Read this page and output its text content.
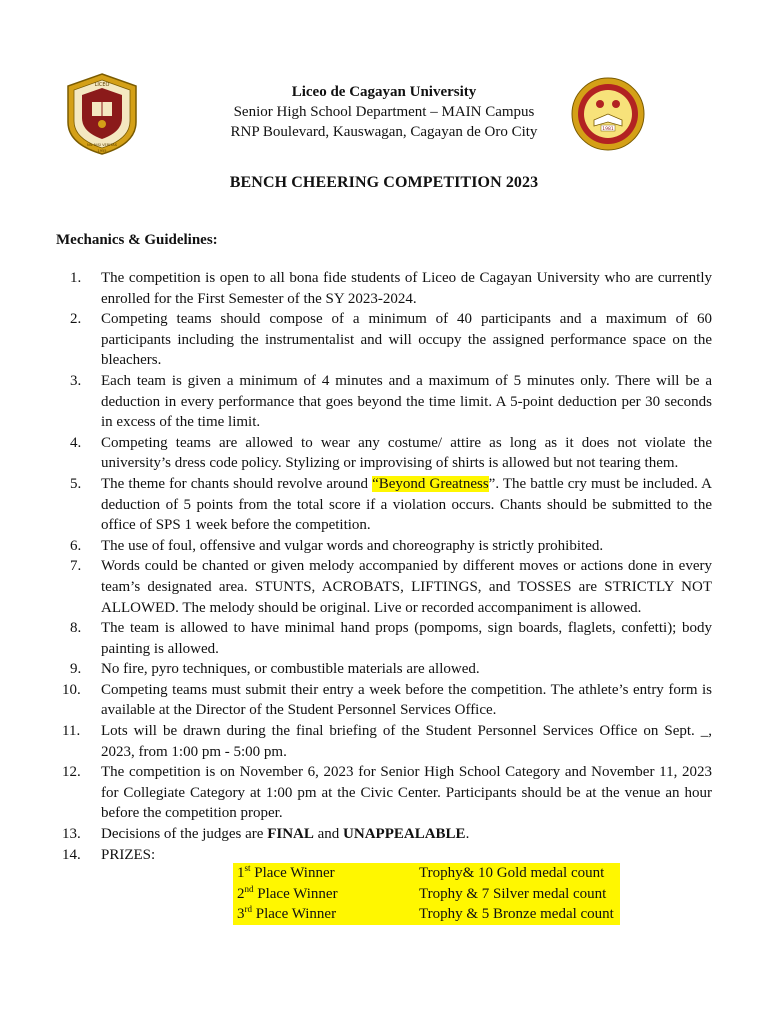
LICEO
NIL NISI VERITAS
1955
Liceo de Cagayan University
Senior High School Department – MAIN Campus
RNP Boulevard, Kauswagan, Cagayan de Oro City	1981
BENCH CHEERING COMPETITION 2023
Mechanics & Guidelines:
1. The competition is open to all bona fide students of Liceo de Cagayan University who are currently enrolled for the First Semester of the SY 2023-2024.
2. Competing teams should compose of a minimum of 40 participants and a maximum of 60 participants including the instrumentalist and will occupy the assigned performance space on the bleachers.
3. Each team is given a minimum of 4 minutes and a maximum of 5 minutes only. There will be a deduction in every performance that goes beyond the time limit. A 5-point deduction per 30 seconds in excess of the time limit.
4. Competing teams are allowed to wear any costume/ attire as long as it does not violate the university’s dress code policy. Stylizing or improvising of shirts is allowed but not tearing them.
5. The theme for chants should revolve around “Beyond Greatness”. The battle cry must be included. A deduction of 5 points from the total score if a violation occurs. Chants should be submitted to the office of SPS 1 week before the competition.
6. The use of foul, offensive and vulgar words and choreography is strictly prohibited.
7. Words could be chanted or given melody accompanied by different moves or actions done in every team’s designated area. STUNTS, ACROBATS, LIFTINGS, and TOSSES are STRICTLY NOT ALLOWED. The melody should be original. Live or recorded accompaniment is allowed.
8. The team is allowed to have minimal hand props (pompoms, sign boards, flaglets, confetti); body painting is allowed.
9. No fire, pyro techniques, or combustible materials are allowed.
10. Competing teams must submit their entry a week before the competition. The athlete’s entry form is available at the Director of the Student Personnel Services Office.
11. Lots will be drawn during the final briefing of the Student Personnel Services Office on Sept. _, 2023, from 1:00 pm - 5:00 pm.
12. The competition is on November 6, 2023 for Senior High School Category and November 11, 2023 for Collegiate Category at 1:00 pm at the Civic Center. Participants should be at the venue an hour before the competition proper.
13. Decisions of the judges are FINAL and UNAPPEALABLE.
14. PRIZES:
1st Place Winner	Trophy& 10 Gold medal count
2nd Place Winner	Trophy & 7 Silver medal count
3rd Place Winner	Trophy & 5 Bronze medal count
